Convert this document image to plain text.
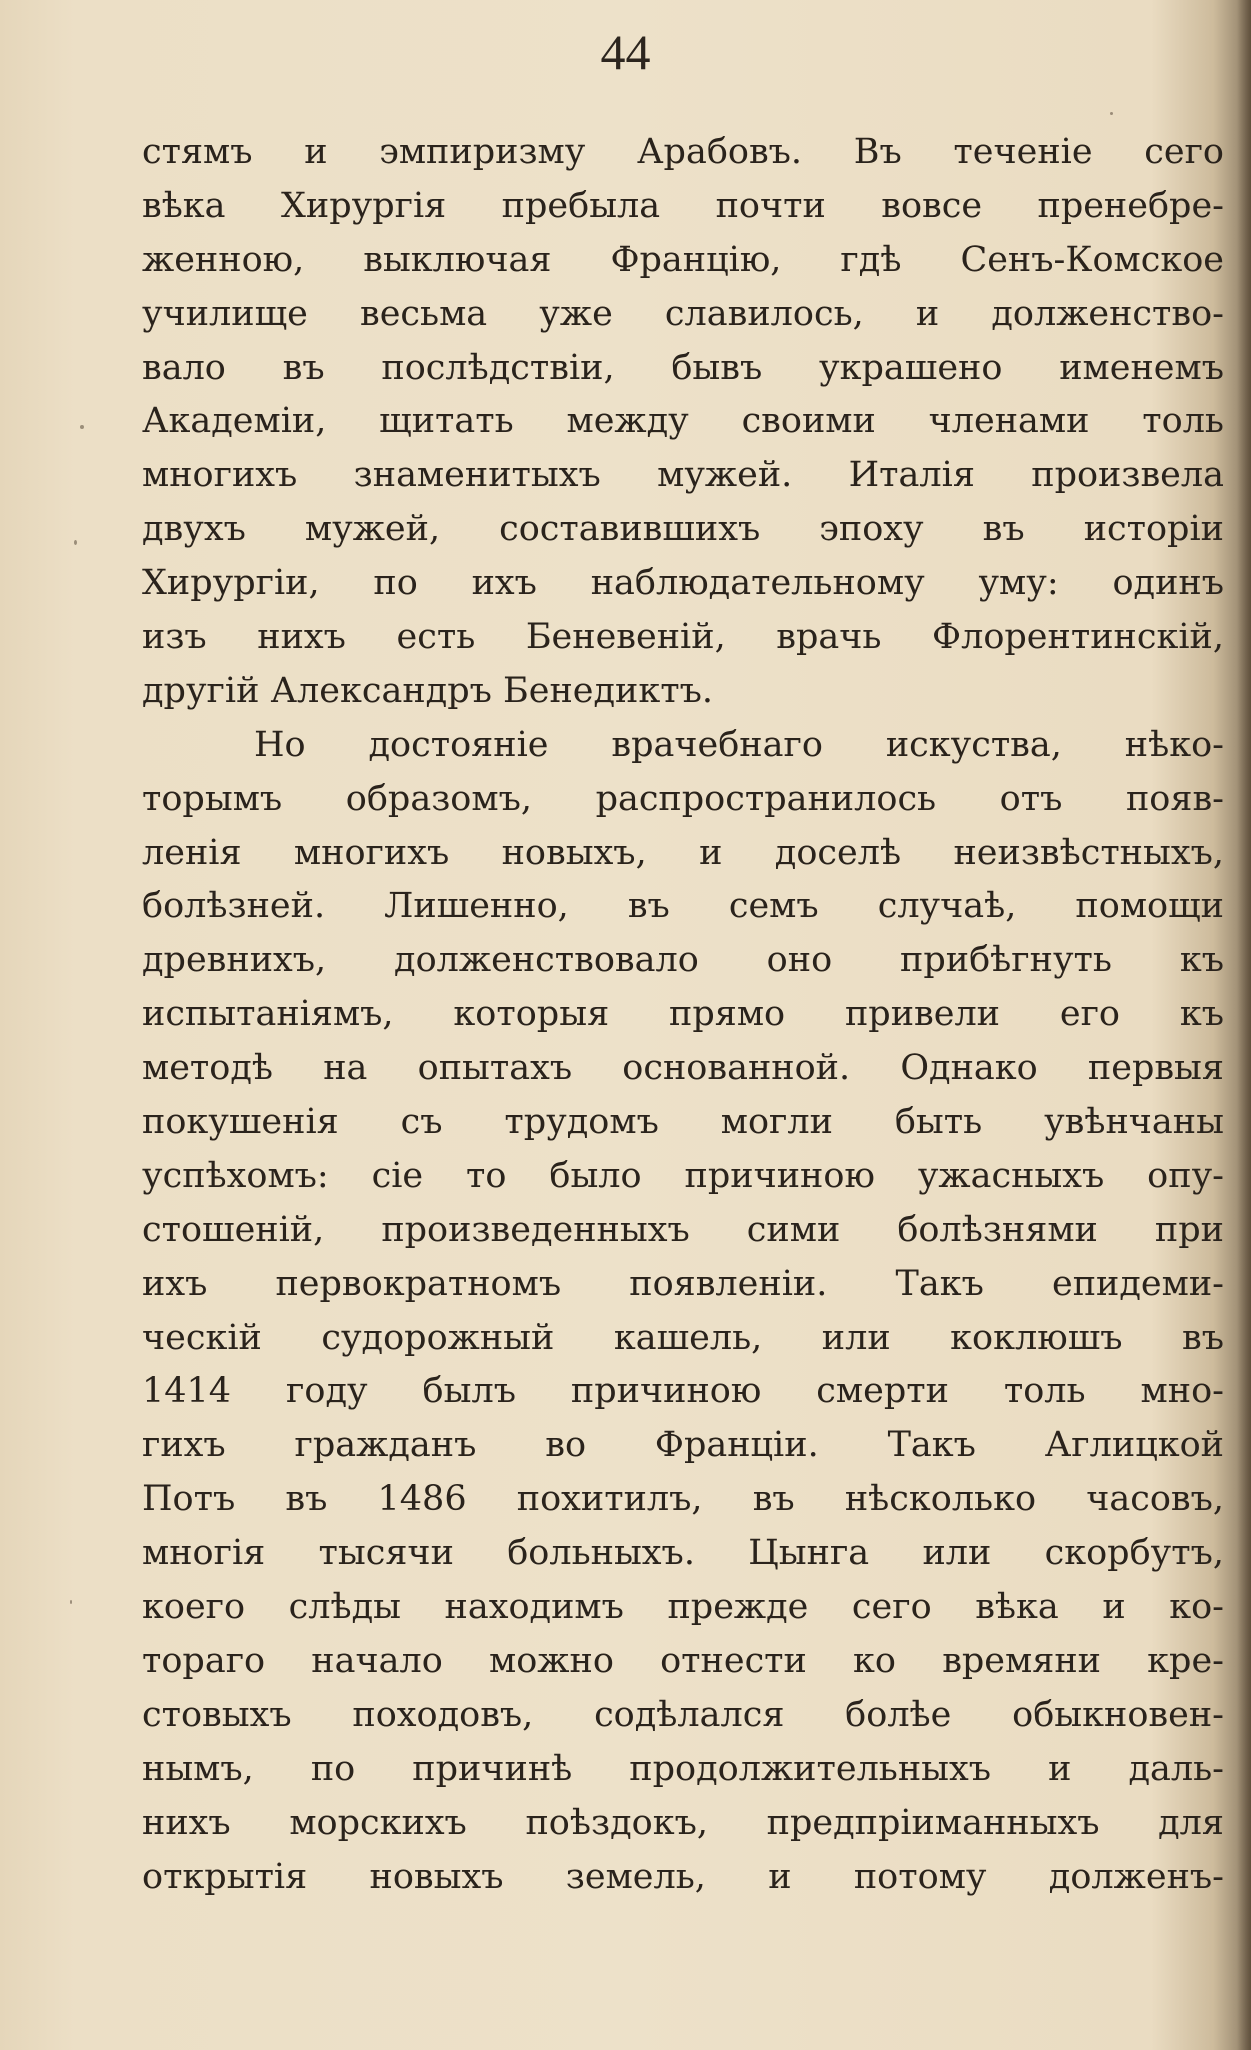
44
стямъ и эмпиризму Арабовъ. Въ теченіе сего
вѣка Хирургія пребыла почти вовсе пренебре-
женною, выключая Францію, гдѣ Сенъ-Комское
училище весьма уже славилось, и долженство-
вало въ послѣдствіи, бывъ украшено именемъ
Академіи, щитать между своими членами толь
многихъ знаменитыхъ мужей. Италія произвела
двухъ мужей, составившихъ эпоху въ исторіи
Хирургіи, по ихъ наблюдательному уму: одинъ
изъ нихъ есть Беневеній, врачь Флорентинскій,
другій Александръ Бенедиктъ.
Но достояніе врачебнаго искуства, нѣко-
торымъ образомъ, распространилось отъ появ-
ленія многихъ новыхъ, и доселѣ неизвѣстныхъ,
болѣзней. Лишенно, въ семъ случаѣ, помощи
древнихъ, долженствовало оно прибѣгнуть къ
испытаніямъ, которыя прямо привели его къ
методѣ на опытахъ основанной. Однако первыя
покушенія съ трудомъ могли быть увѣнчаны
успѣхомъ: сіе то было причиною ужасныхъ опу-
стошеній, произведенныхъ сими болѣзнями при
ихъ первократномъ появленіи. Такъ епидеми-
ческій судорожный кашель, или коклюшъ въ
1414 году былъ причиною смерти толь мно-
гихъ гражданъ во Франціи. Такъ Аглицкой
Потъ въ 1486 похитилъ, въ нѣсколько часовъ,
многія тысячи больныхъ. Цынга или скорбутъ,
коего слѣды находимъ прежде сего вѣка и ко-
тораго начало можно отнести ко времяни кре-
стовыхъ походовъ, содѣлался болѣе обыкновен-
нымъ, по причинѣ продолжительныхъ и даль-
нихъ морскихъ поѣздокъ, предпріиманныхъ для
открытія новыхъ земель, и потому долженъ-
